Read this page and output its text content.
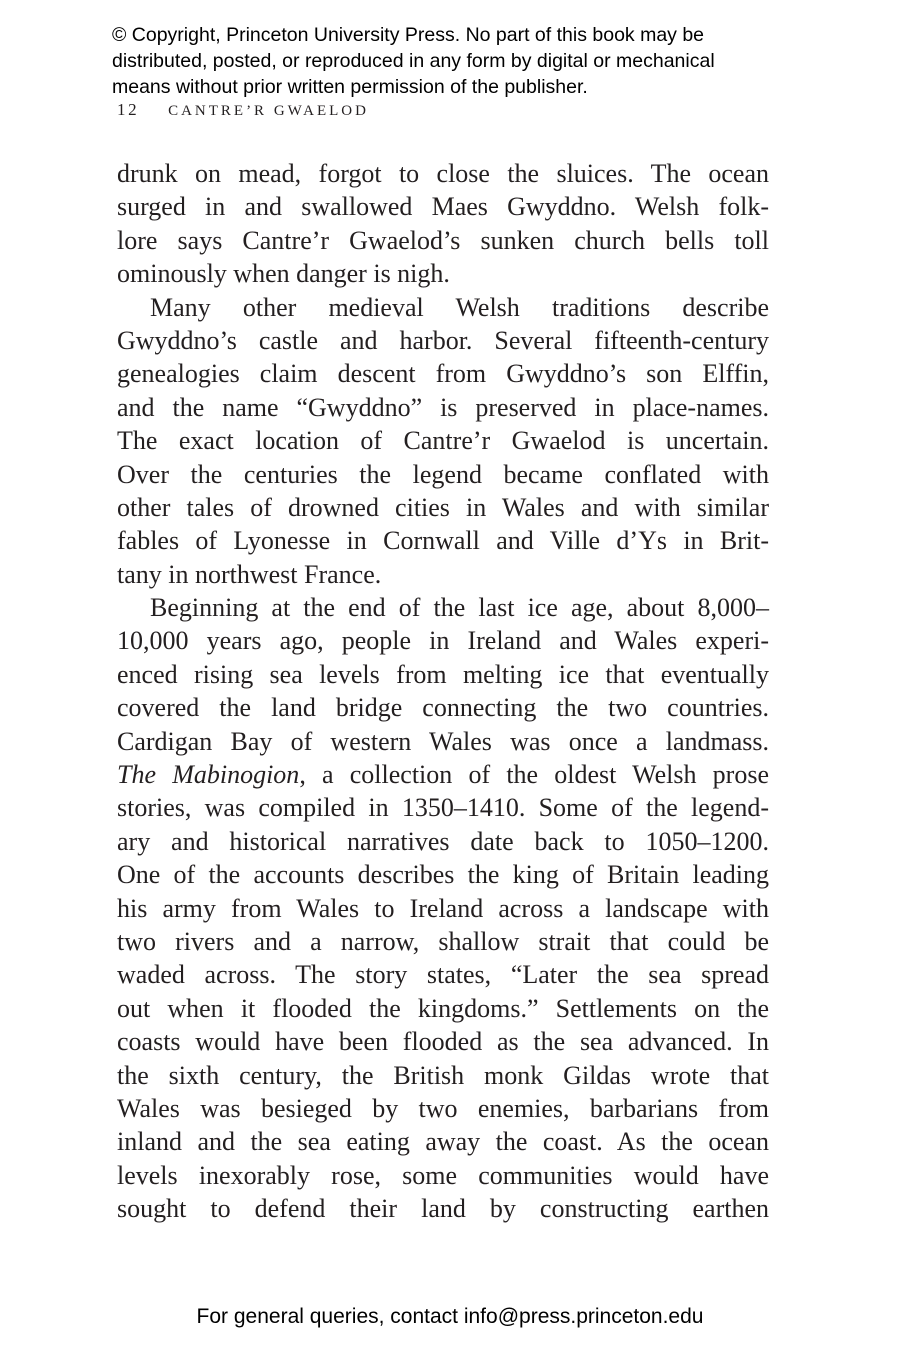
© Copyright, Princeton University Press. No part of this book may be
distributed, posted, or reproduced in any form by digital or mechanical
means without prior written permission of the publisher.
12 CANTRE’R GWAELOD
drunk on mead, forgot to close the sluices. The ocean
surged in and swallowed Maes Gwyddno. Welsh folk-
lore says Cantre’r Gwaelod’s sunken church bells toll
ominously when danger is nigh.
Many other medieval Welsh traditions describe
Gwyddno’s castle and harbor. Several fifteenth-century
genealogies claim descent from Gwyddno’s son Elffin,
and the name “Gwyddno” is preserved in place-names.
The exact location of Cantre’r Gwaelod is uncertain.
Over the centuries the legend became conflated with
other tales of drowned cities in Wales and with similar
fables of Lyonesse in Cornwall and Ville d’Ys in Brit-
tany in northwest France.
Beginning at the end of the last ice age, about 8,000–
10,000 years ago, people in Ireland and Wales experi-
enced rising sea levels from melting ice that eventually
covered the land bridge connecting the two countries.
Cardigan Bay of western Wales was once a landmass.
The Mabinogion, a collection of the oldest Welsh prose
stories, was compiled in 1350–1410. Some of the legend-
ary and historical narratives date back to 1050–1200.
One of the accounts describes the king of Britain leading
his army from Wales to Ireland across a landscape with
two rivers and a narrow, shallow strait that could be
waded across. The story states, “Later the sea spread
out when it flooded the kingdoms.” Settlements on the
coasts would have been flooded as the sea advanced. In
the sixth century, the British monk Gildas wrote that
Wales was besieged by two enemies, barbarians from
inland and the sea eating away the coast. As the ocean
levels inexorably rose, some communities would have
sought to defend their land by constructing earthen
For general queries, contact info@press.princeton.edu
